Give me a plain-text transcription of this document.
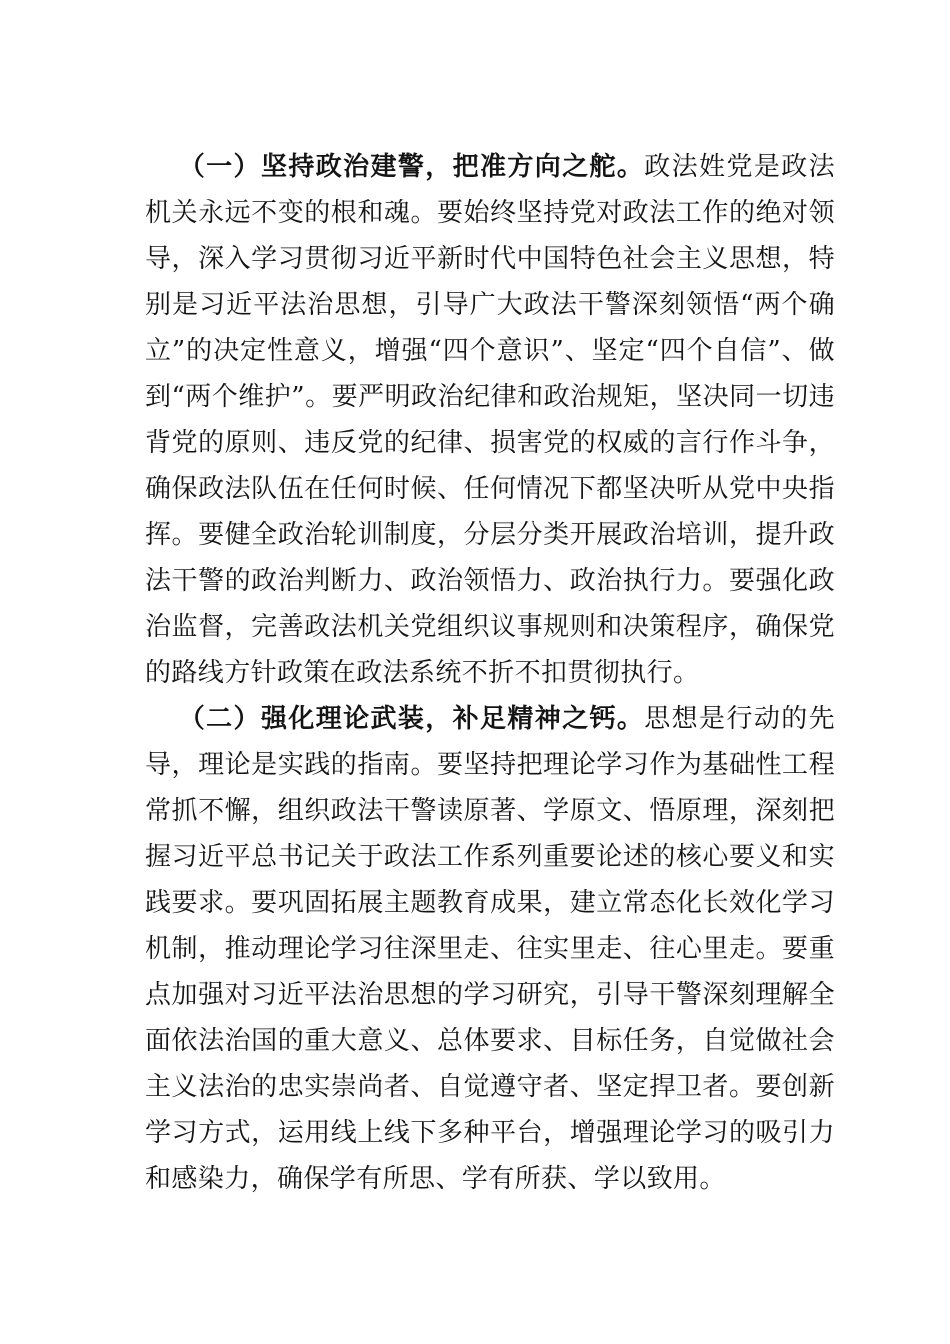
（一）坚持政治建警，把准方向之舵。政法姓党是政法机关永远不变的根和魂。要始终坚持党对政法工作的绝对领导，深入学习贯彻习近平新时代中国特色社会主义思想，特别是习近平法治思想，引导广大政法干警深刻领悟“两个确立”的决定性意义，增强“四个意识”、坚定“四个自信”、做到“两个维护”。要严明政治纪律和政治规矩，坚决同一切违背党的原则、违反党的纪律、损害党的权威的言行作斗争，确保政法队伍在任何时候、任何情况下都坚决听从党中央指挥。要健全政治轮训制度，分层分类开展政治培训，提升政法干警的政治判断力、政治领悟力、政治执行力。要强化政治监督，完善政法机关党组织议事规则和决策程序，确保党的路线方针政策在政法系统不折不扣贯彻执行。

（二）强化理论武装，补足精神之钙。思想是行动的先导，理论是实践的指南。要坚持把理论学习作为基础性工程常抓不懈，组织政法干警读原著、学原文、悟原理，深刻把握习近平总书记关于政法工作系列重要论述的核心要义和实践要求。要巩固拓展主题教育成果，建立常态化长效化学习机制，推动理论学习往深里走、往实里走、往心里走。要重点加强对习近平法治思想的学习研究，引导干警深刻理解全面依法治国的重大意义、总体要求、目标任务，自觉做社会主义法治的忠实崇尚者、自觉遵守者、坚定捍卫者。要创新学习方式，运用线上线下多种平台，增强理论学习的吸引力和感染力，确保学有所思、学有所获、学以致用。
